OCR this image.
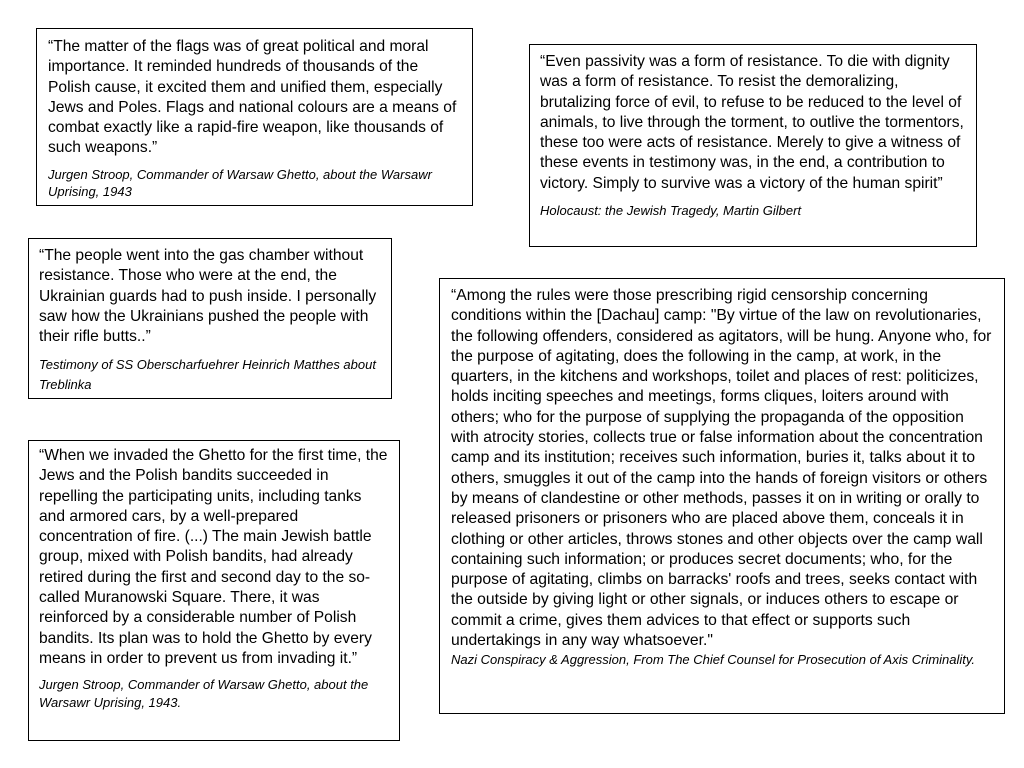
“The matter of the flags was of great political and moral importance. It reminded hundreds of thousands of the Polish cause, it excited them and unified them, especially Jews and Poles. Flags and national colours are a means of combat exactly like a rapid-fire weapon, like thousands of such weapons.”

Jurgen Stroop, Commander of Warsaw Ghetto, about the Warsawr Uprising, 1943

“Even passivity was a form of resistance. To die with dignity was a form of resistance. To resist the demoralizing, brutalizing force of evil, to refuse to be reduced to the level of animals, to live through the torment, to outlive the tormentors, these too were acts of resistance. Merely to give a witness of these events in testimony was, in the end, a contribution to victory. Simply to survive was a victory of the human spirit”

Holocaust: the Jewish Tragedy, Martin Gilbert

“The people went into the gas chamber without resistance. Those who were at the end, the Ukrainian guards had to push inside. I personally saw how the Ukrainians pushed the people with their rifle butts..”

Testimony of SS Oberscharfuehrer Heinrich Matthes about Treblinka

“Among the rules were those prescribing rigid censorship concerning conditions within the [Dachau] camp: "By virtue of the law on revolutionaries, the following offenders, considered as agitators, will be hung. Anyone who, for the purpose of agitating, does the following in the camp, at work, in the quarters, in the kitchens and workshops, toilet and places of rest: politicizes, holds inciting speeches and meetings, forms cliques, loiters around with others; who for the purpose of supplying the propaganda of the opposition with atrocity stories, collects true or false information about the concentration camp and its institution; receives such information, buries it, talks about it to others, smuggles it out of the camp into the hands of foreign visitors or others by means of clandestine or other methods, passes it on in writing or orally to released prisoners or prisoners who are placed above them, conceals it in clothing or other articles, throws stones and other objects over the camp wall containing such information; or produces secret documents; who, for the purpose of agitating, climbs on barracks' roofs and trees, seeks contact with the outside by giving light or other signals, or induces others to escape or commit a crime, gives them advices to that effect or supports such undertakings in any way whatsoever."

Nazi Conspiracy & Aggression, From The Chief Counsel for Prosecution of Axis Criminality.

“When we invaded the Ghetto for the first time, the Jews and the Polish bandits succeeded in repelling the participating units, including tanks and armored cars, by a well-prepared concentration of fire. (...) The main Jewish battle group, mixed with Polish bandits, had already retired during the first and second day to the so-called Muranowski Square. There, it was reinforced by a considerable number of Polish bandits. Its plan was to hold the Ghetto by every means in order to prevent us from invading it.”

Jurgen Stroop, Commander of Warsaw Ghetto, about the Warsawr Uprising, 1943.
